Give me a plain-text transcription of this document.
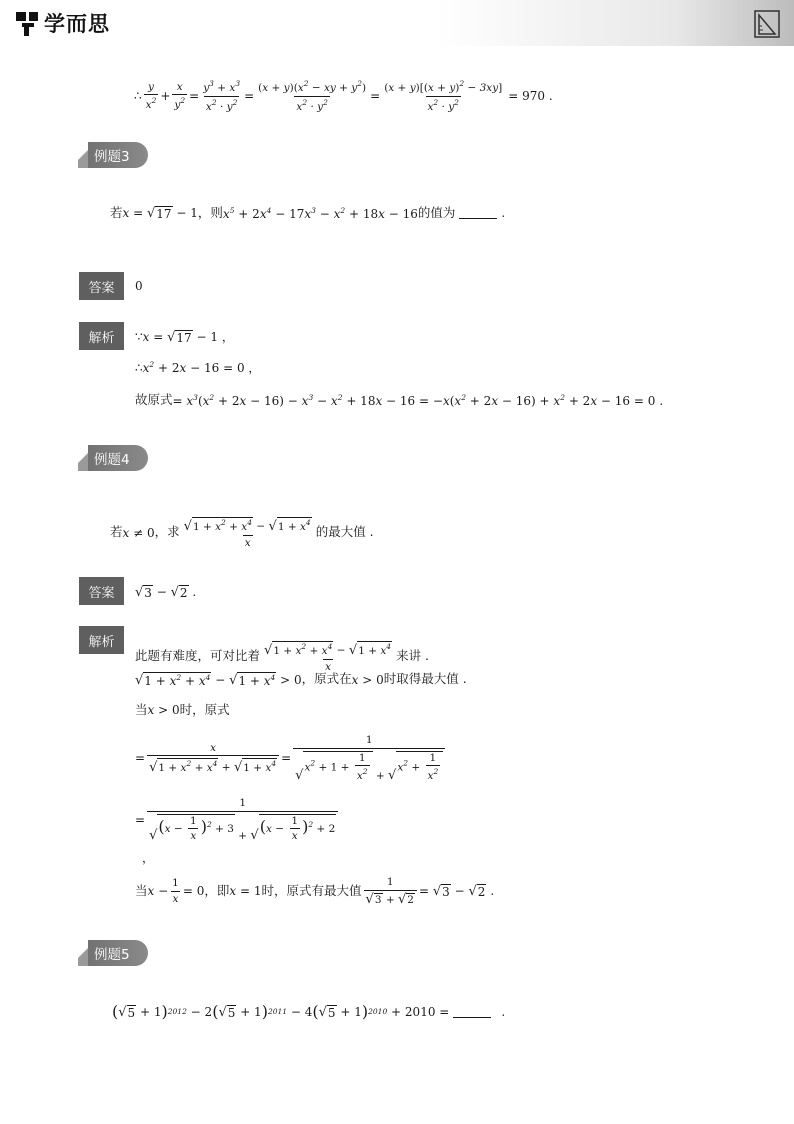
学而思
∴ $\frac{y}{x^2} + \frac{x}{y^2} = \frac{y^3 + x^3}{x^2 \cdot y^2} = \frac{(x + y)(x^2 - xy + y^2)}{x^2 \cdot y^2} = \frac{(x + y)[(x + y)^2 - 3xy]}{x^2 \cdot y^2} = 970$ .
例题3
若 x = √ 17 − 1 ，则 $x^5 + 2x^4 - 17x^3 - x^2 + 18x - 16$ 的值为	.
答案	0
解析	∵ x = √ 17 − 1 ，
∴ $x^2 + 2x - 16 = 0$ ，
故原式 = $x^3(x^2 + 2x - 16) - x^3 - x^2 + 18x - 16 = -x(x^2 + 2x - 16) + x^2 + 2x - 16 = 0$ .
例题4
若 x ≠ 0 ，求 $\frac{√ 1 + x^2 + x^4 - √ 1 + x^4}{x}$ 的最大值 .
答案	√ 3 − √ 2 .
解析
此题有难度，可对比着 $\frac{√ 1 + x^2 + x^4 - √ 1 + x^4}{x}$ 来讲 .
√ $1 + x^2 + x^4$ − √ $1 + x^4 > 0$ ，原式在 x > 0 时取得最大值 .
当 x > 0 时，原式
= $\frac{x}{√ 1 + x^2 + x^4 + √ 1 + x^4} = 1$
√
$x^2 + 1 + \frac{1}{x^2}$ + √
$x^2 + \frac{1}{x^2}$
= 1
√ $(x - \frac{1}{x} )^2 + 3$
+ √ $(x - \frac{1}{x} )^2 + 2$
，
当 $x - \frac{1}{x} = 0$ ，即 x = 1 时，原式有最大值 $\frac{1}{√ 3 + √ 2}$ = √ 3 − √ 2 .
例题5
( √ 5 + 1 ) 2012 − 2 ( √ 5 + 1 ) 2011 − 4 ( √ 5 + 1 ) 2010 + 2010 =	.
